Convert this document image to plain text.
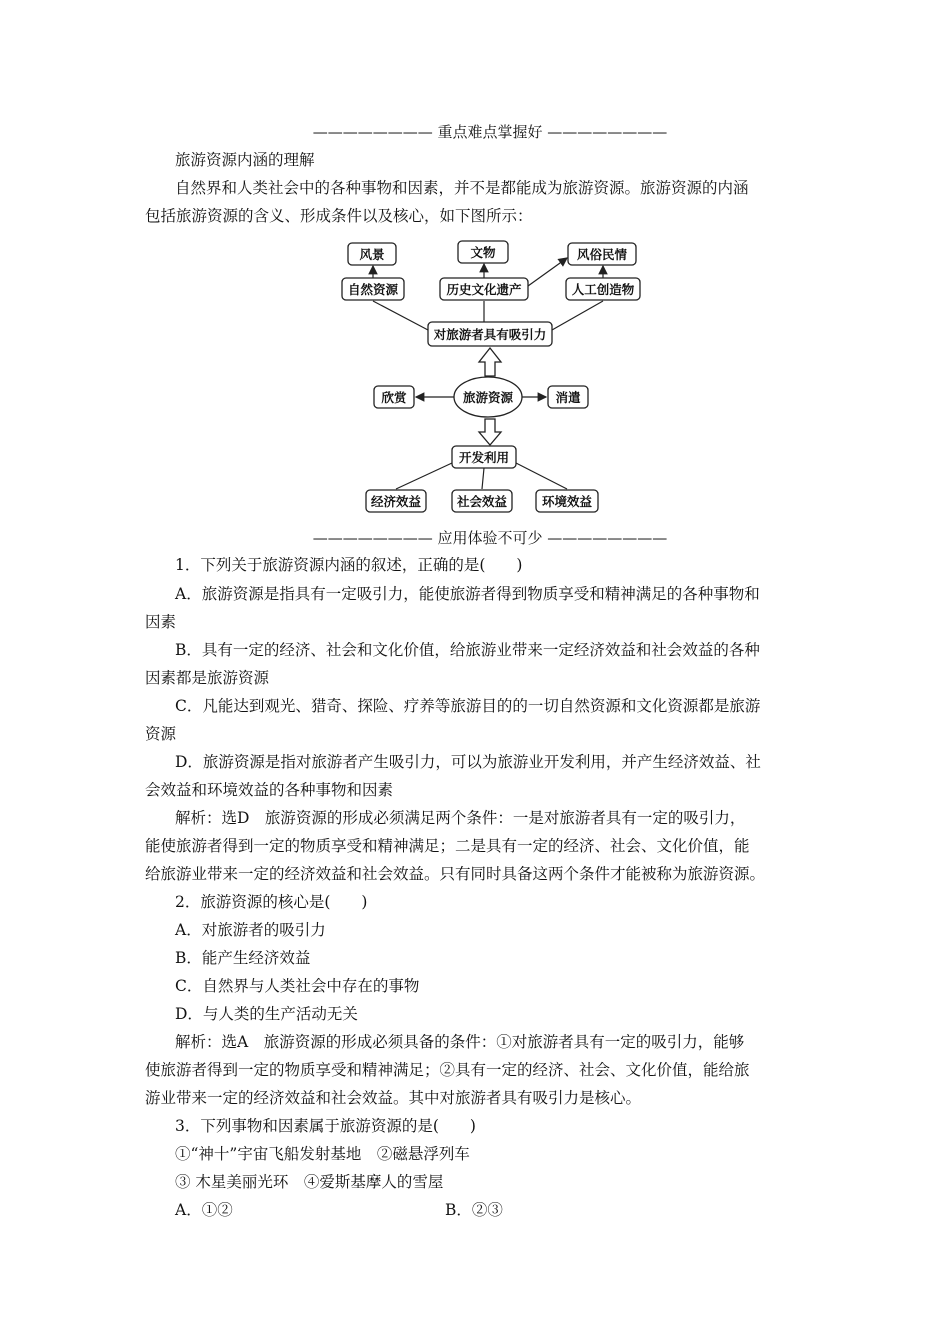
———————— 重点难点掌握好 ————————
旅游资源内涵的理解
自然界和人类社会中的各种事物和因素，并不是都能成为旅游资源。旅游资源的内涵
包括旅游资源的含义、形成条件以及核心，如下图所示：
风景	文物	风俗民情
自然资源	历史文化遗产	人工创造物
对旅游者具有吸引力
旅游资源
欣赏	消遣
开发利用
经济效益	社会效益	环境效益
———————— 应用体验不可少 ————————
1．下列关于旅游资源内涵的叙述，正确的是(　　)
A．旅游资源是指具有一定吸引力，能使旅游者得到物质享受和精神满足的各种事物和
因素
B．具有一定的经济、社会和文化价值，给旅游业带来一定经济效益和社会效益的各种
因素都是旅游资源
C．凡能达到观光、猎奇、探险、疗养等旅游目的的一切自然资源和文化资源都是旅游
资源
D．旅游资源是指对旅游者产生吸引力，可以为旅游业开发利用，并产生经济效益、社
会效益和环境效益的各种事物和因素
解析：选D　旅游资源的形成必须满足两个条件：一是对旅游者具有一定的吸引力，
能使旅游者得到一定的物质享受和精神满足；二是具有一定的经济、社会、文化价值，能
给旅游业带来一定的经济效益和社会效益。只有同时具备这两个条件才能被称为旅游资源。
2．旅游资源的核心是(　　)
A．对旅游者的吸引力
B．能产生经济效益
C．自然界与人类社会中存在的事物
D．与人类的生产活动无关
解析：选A　旅游资源的形成必须具备的条件：①对旅游者具有一定的吸引力，能够
使旅游者得到一定的物质享受和精神满足；②具有一定的经济、社会、文化价值，能给旅
游业带来一定的经济效益和社会效益。其中对旅游者具有吸引力是核心。
3．下列事物和因素属于旅游资源的是(　　)
①“神十”宇宙飞船发射基地　②磁悬浮列车
③ 木星美丽光环　④爱斯基摩人的雪屋
A．①②	B．②③
